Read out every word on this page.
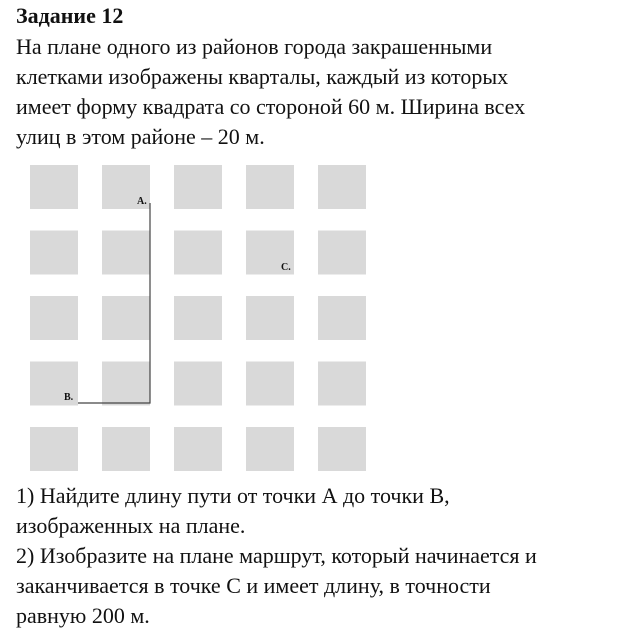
Задание 12

На плане одного из районов города закрашенными

клетками изображены кварталы, каждый из которых

имеет форму квадрата со стороной 60 м. Ширина всех

улиц в этом районе – 20 м.

А.
В.
С.

1) Найдите длину пути от точки А до точки В,

изображенных на плане.

2) Изобразите на плане маршрут, который начинается и

заканчивается в точке С и имеет длину, в точности

равную 200 м.
